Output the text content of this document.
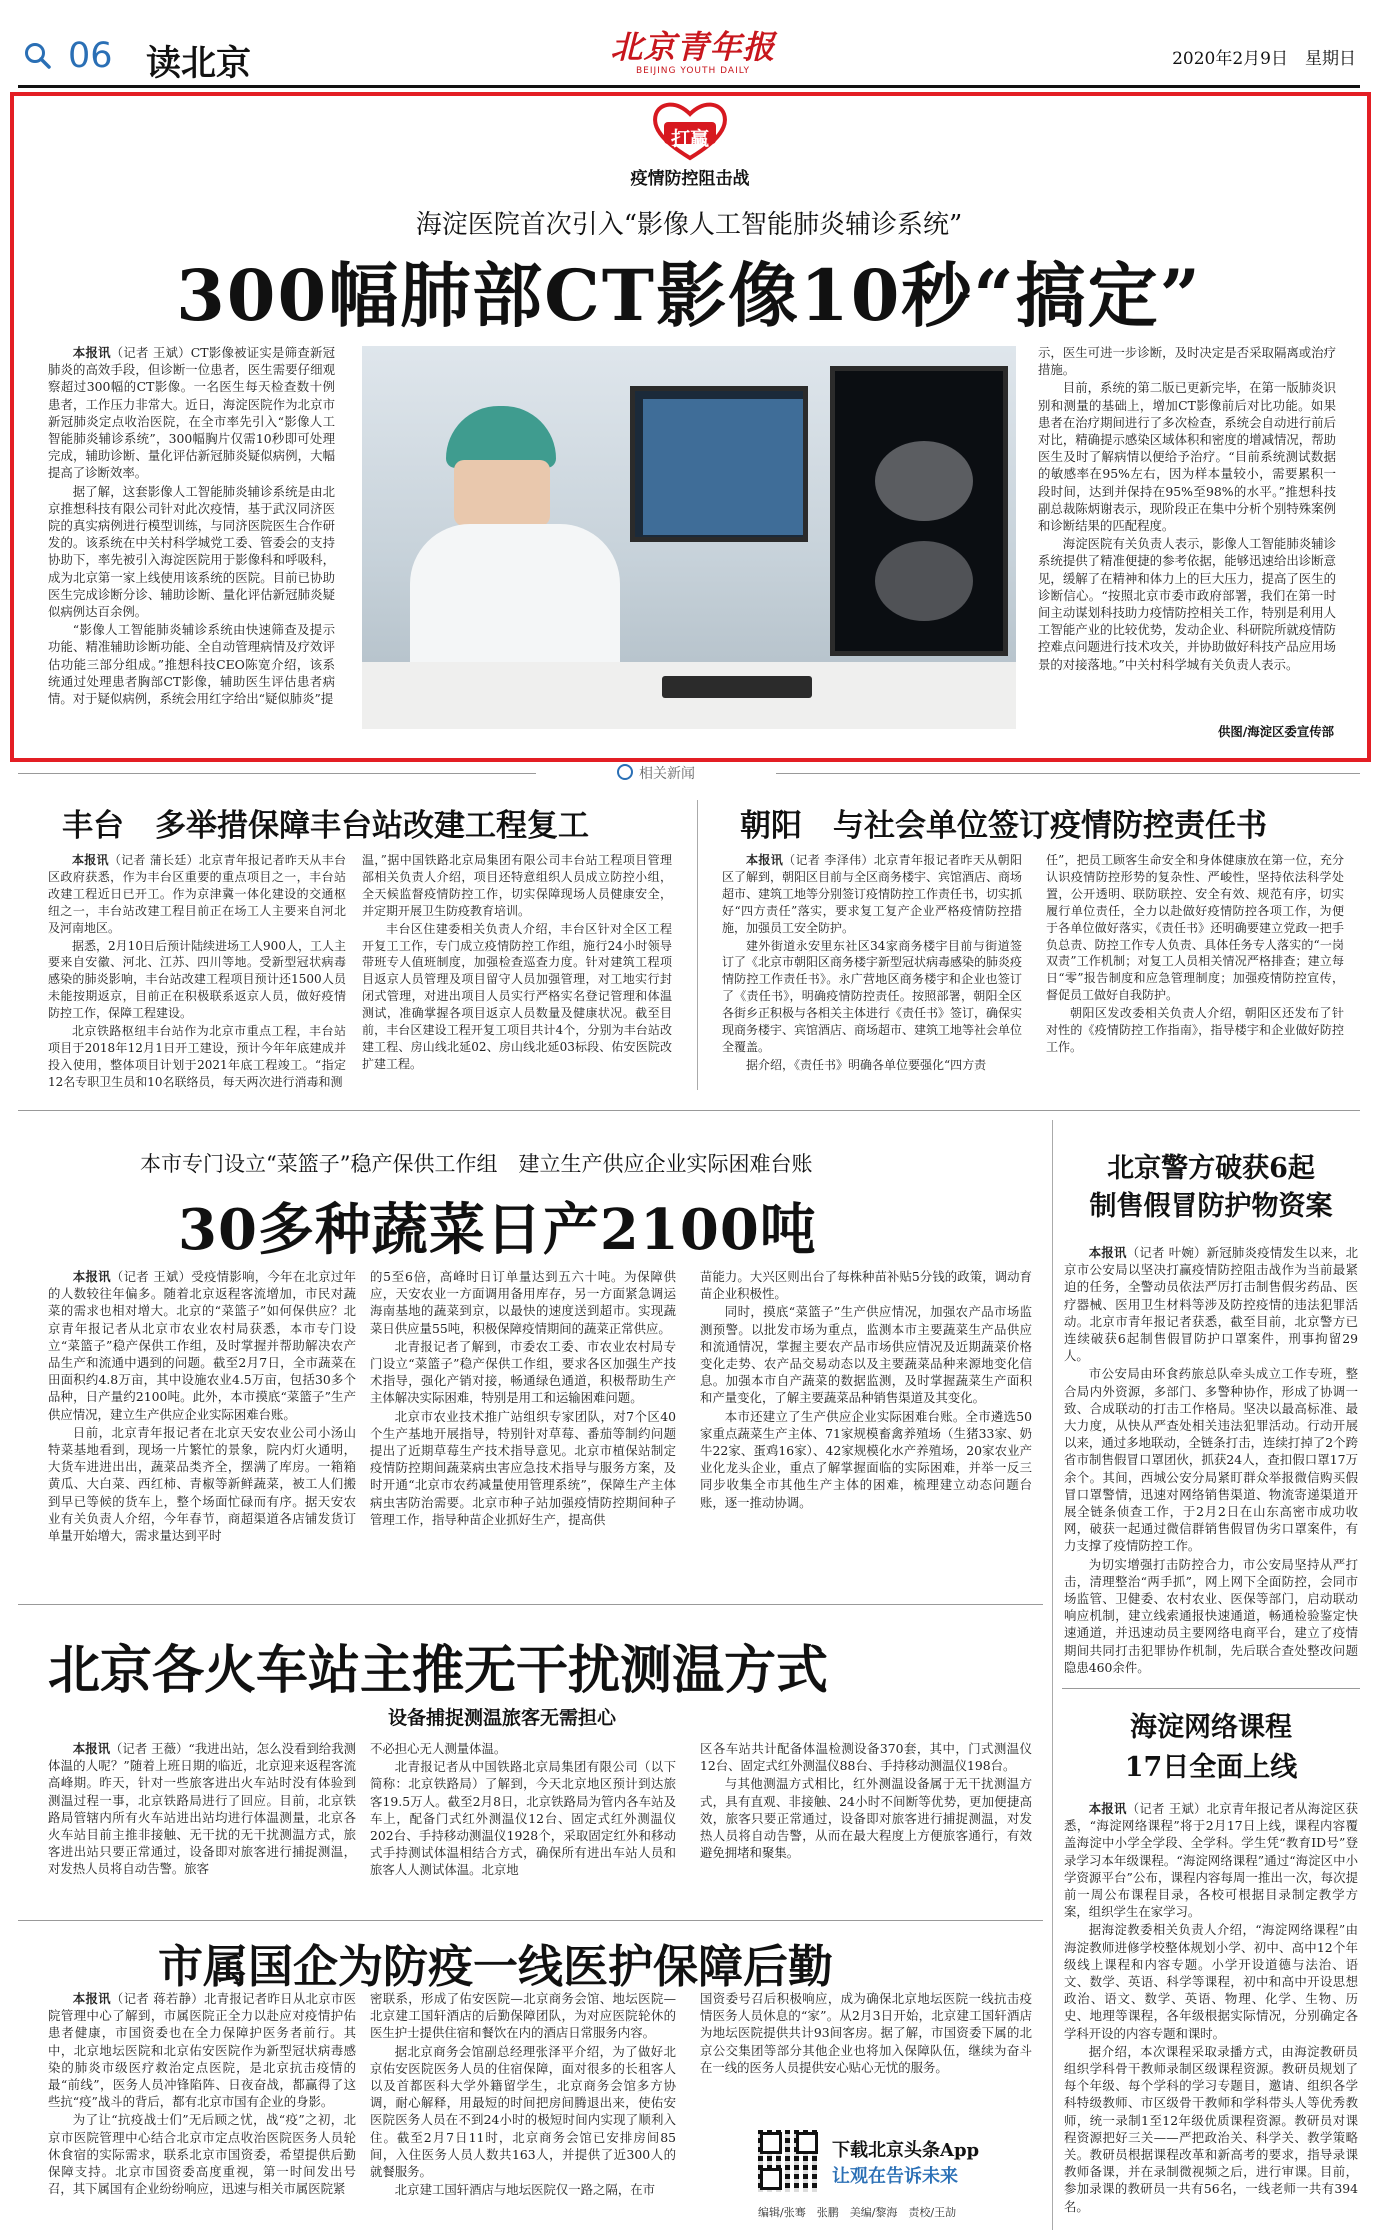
06 读北京	北京青年报
BEIJING YOUTH DAILY
2020年2月9日　 星期日
打赢
疫情防控阻击战
海淀医院首次引入“影像人工智能肺炎辅诊系统”
300幅肺部CT影像10秒“搞定”

本报讯（记者 王斌）CT影像被证实是筛查新冠肺炎的高效手段，但诊断一位患者，医生需要仔细观察超过300幅的CT影像。一名医生每天检查数十例患者，工作压力非常大。近日，海淀医院作为北京市新冠肺炎定点收治医院，在全市率先引入“影像人工智能肺炎辅诊系统”，300幅胸片仅需10秒即可处理完成，辅助诊断、量化评估新冠肺炎疑似病例，大幅提高了诊断效率。

据了解，这套影像人工智能肺炎辅诊系统是由北京推想科技有限公司针对此次疫情，基于武汉同济医院的真实病例进行模型训练，与同济医院医生合作研发的。该系统在中关村科学城党工委、管委会的支持协助下，率先被引入海淀医院用于影像科和呼吸科，成为北京第一家上线使用该系统的医院。目前已协助医生完成诊断分诊、辅助诊断、量化评估新冠肺炎疑似病例达百余例。

“影像人工智能肺炎辅诊系统由快速筛查及提示功能、精准辅助诊断功能、全自动管理病情及疗效评估功能三部分组成。”推想科技CEO陈宽介绍，该系统通过处理患者胸部CT影像，辅助医生评估患者病情。对于疑似病例，系统会用红字给出“疑似肺炎”提

示，医生可进一步诊断，及时决定是否采取隔离或治疗措施。

目前，系统的第二版已更新完毕，在第一版肺炎识别和测量的基础上，增加CT影像前后对比功能。如果患者在治疗期间进行了多次检查，系统会自动进行前后对比，精确提示感染区域体积和密度的增减情况，帮助医生及时了解病情以便给予治疗。“目前系统测试数据的敏感率在95%左右，因为样本量较小，需要累积一段时间，达到并保持在95%至98%的水平。”推想科技副总裁陈炳谢表示，现阶段正在集中分析个别特殊案例和诊断结果的匹配程度。

海淀医院有关负责人表示，影像人工智能肺炎辅诊系统提供了精准便捷的参考依据，能够迅速给出诊断意见，缓解了在精神和体力上的巨大压力，提高了医生的诊断信心。“按照北京市委市政府部署，我们在第一时间主动谋划科技助力疫情防控相关工作，特别是利用人工智能产业的比较优势，发动企业、科研院所就疫情防控难点问题进行技术攻关，并协助做好科技产品应用场景的对接落地。”中关村科学城有关负责人表示。

供图/海淀区委宣传部
相关新闻
丰台　 多举措保障丰台站改建工程复工

本报讯（记者 蒲长廷）北京青年报记者昨天从丰台区政府获悉，作为丰台区重要的重点项目之一，丰台站改建工程近日已开工。作为京津冀一体化建设的交通枢纽之一，丰台站改建工程目前正在场工人主要来自河北及河南地区。

据悉，2月10日后预计陆续进场工人900人，工人主要来自安徽、河北、江苏、四川等地。受新型冠状病毒感染的肺炎影响，丰台站改建工程项目预计还1500人员未能按期返京，目前正在积极联系返京人员，做好疫情防控工作，保障工程建设。

北京铁路枢纽丰台站作为北京市重点工程，丰台站项目于2018年12月1日开工建设，预计今年年底建成并投入使用，整体项目计划于2021年底工程竣工。“指定12名专职卫生员和10名联络员，每天两次进行消毒和测

温，”据中国铁路北京局集团有限公司丰台站工程项目管理部相关负责人介绍，项目还特意组织人员成立防控小组，全天候监督疫情防控工作，切实保障现场人员健康安全，并定期开展卫生防疫教育培训。

丰台区住建委相关负责人介绍，丰台区针对全区工程开复工工作，专门成立疫情防控工作组，施行24小时领导带班专人值班制度，加强检查巡查力度。针对建筑工程项目返京人员管理及项目留守人员加强管理，对工地实行封闭式管理，对进出项目人员实行严格实名登记管理和体温测试，准确掌握各项目返京人员数量及健康状况。截至目前，丰台区建设工程开复工项目共计4个，分别为丰台站改建工程、房山线北延02、房山线北延03标段、佑安医院改扩建工程。

朝阳　 与社会单位签订疫情防控责任书

本报讯（记者 李泽伟）北京青年报记者昨天从朝阳区了解到，朝阳区目前与全区商务楼宇、宾馆酒店、商场超市、建筑工地等分别签订疫情防控工作责任书，切实抓好“四方责任”落实，要求复工复产企业严格疫情防控措施，加强员工安全防护。

建外街道永安里东社区34家商务楼宇目前与街道签订了《北京市朝阳区商务楼宇新型冠状病毒感染的肺炎疫情防控工作责任书》。永广营地区商务楼宇和企业也签订了《责任书》，明确疫情防控责任。按照部署，朝阳全区各街乡正积极与各相关主体进行《责任书》签订，确保实现商务楼宇、宾馆酒店、商场超市、建筑工地等社会单位全覆盖。

据介绍，《责任书》明确各单位要强化“四方责

任”，把员工顾客生命安全和身体健康放在第一位，充分认识疫情防控形势的复杂性、严峻性，坚持依法科学处置，公开透明、联防联控、安全有效、规范有序，切实履行单位责任，全力以赴做好疫情防控各项工作，为便于各单位做好落实，《责任书》还明确要建立党政一把手负总责、防控工作专人负责、具体任务专人落实的“一岗双责”工作机制；对复工人员相关情况严格排查；建立每日“零”报告制度和应急管理制度；加强疫情防控宣传，督促员工做好自我防护。

朝阳区发改委相关负责人介绍，朝阳区还发布了针对性的《疫情防控工作指南》，指导楼宇和企业做好防控工作。

本市专门设立“菜篮子”稳产保供工作组　建立生产供应企业实际困难台账
30多种蔬菜日产2100吨

本报讯（记者 王斌）受疫情影响，今年在北京过年的人数较往年偏多。随着北京返程客流增加，市民对蔬菜的需求也相对增大。北京的“菜篮子”如何保供应？北京青年报记者从北京市农业农村局获悉，本市专门设立“菜篮子”稳产保供工作组，及时掌握并帮助解决农产品生产和流通中遇到的问题。截至2月7日，全市蔬菜在田面积约4.8万亩，其中设施农业4.5万亩，包括30多个品种，日产量约2100吨。此外，本市摸底“菜篮子”生产供应情况，建立生产供应企业实际困难台账。

日前，北京青年报记者在北京天安农业公司小汤山特菜基地看到，现场一片繁忙的景象，院内灯火通明，大货车进进出出，蔬菜品类齐全，摆满了库房。一箱箱黄瓜、大白菜、西红柿、青椒等新鲜蔬菜，被工人们搬到早已等候的货车上，整个场面忙碌而有序。据天安农业有关负责人介绍，今年春节，商超渠道各店铺发货订单量开始增大，需求量达到平时

的5至6倍，高峰时日订单量达到五六十吨。为保障供应，天安农业一方面调用备用库存，另一方面紧急调运海南基地的蔬菜到京，以最快的速度送到超市。实现蔬菜日供应量55吨，积极保障疫情期间的蔬菜正常供应。

北青报记者了解到，市委农工委、市农业农村局专门设立“菜篮子”稳产保供工作组，要求各区加强生产技术指导，强化产销对接，畅通绿色通道，积极帮助生产主体解决实际困难，特别是用工和运输困难问题。

北京市农业技术推广站组织专家团队，对7个区40个生产基地开展指导，特别针对草莓、番茄等制约问题提出了近期草莓生产技术指导意见。北京市植保站制定疫情防控期间蔬菜病虫害应急技术指导与服务方案，及时开通“北京市农药减量使用管理系统”，保障生产主体病虫害防治需要。北京市种子站加强疫情防控期间种子管理工作，指导种苗企业抓好生产，提高供

苗能力。大兴区则出台了每株种苗补贴5分钱的政策，调动育苗企业积极性。

同时，摸底“菜篮子”生产供应情况，加强农产品市场监测预警。以批发市场为重点，监测本市主要蔬菜生产品供应和流通情况，掌握主要农产品市场供应情况及近期蔬菜价格变化走势、农产品交易动态以及主要蔬菜品种来源地变化信息。加强本市自产蔬菜的数据监测，及时掌握蔬菜生产面积和产量变化，了解主要蔬菜品种销售渠道及其变化。

本市还建立了生产供应企业实际困难台账。全市遴选50家重点蔬菜生产主体、71家规模畜禽养殖场（生猪33家、奶牛22家、蛋鸡16家）、42家规模化水产养殖场，20家农业产业化龙头企业，重点了解掌握面临的实际困难，并举一反三同步收集全市其他生产主体的困难，梳理建立动态问题台账，逐一推动协调。

北京警方破获6起
制售假冒防护物资案

本报讯（记者 叶婉）新冠肺炎疫情发生以来，北京市公安局以坚决打赢疫情防控阻击战作为当前最紧迫的任务，全警动员依法严厉打击制售假劣药品、医疗器械、医用卫生材料等涉及防控疫情的违法犯罪活动。北京市青年报记者获悉，截至目前，北京警方已连续破获6起制售假冒防护口罩案件，刑事拘留29人。

市公安局由环食药旅总队牵头成立工作专班，整合局内外资源，多部门、多警种协作，形成了协调一致、合成联动的打击工作格局。坚决以最高标准、最大力度，从快从严查处相关违法犯罪活动。行动开展以来，通过多地联动，全链条打击，连续打掉了2个跨省市制售假冒口罩团伙，抓获24人，查扣假口罩17万余个。其间，西城公安分局紧盯群众举报微信购买假冒口罩警情，迅速对网络销售渠道、物流寄递渠道开展全链条侦查工作，于2月2日在山东高密市成功收网，破获一起通过微信群销售假冒伪劣口罩案件，有力支撑了疫情防控工作。

为切实增强打击防控合力，市公安局坚持从严打击，清理整治“两手抓”，网上网下全面防控，会同市场监管、卫健委、农村农业、医保等部门，启动联动响应机制，建立线索通报快速通道，畅通检验鉴定快速通道，并迅速动员主要网络电商平台，建立了疫情期间共同打击犯罪协作机制，先后联合查处整改问题隐患460余件。

北京各火车站主推无干扰测温方式
设备捕捉测温旅客无需担心

本报讯（记者 王薇）“我进出站，怎么没看到给我测体温的人呢？”随着上班日期的临近，北京迎来返程客流高峰期。昨天，针对一些旅客进出火车站时没有体验到测温过程一事，北京铁路局进行了回应。目前，北京铁路局管辖内所有火车站进出站均进行体温测量，北京各火车站目前主推非接触、无干扰的无干扰测温方式，旅客进出站只要正常通过，设备即对旅客进行捕捉测温，对发热人员将自动告警。旅客

不必担心无人测量体温。

北青报记者从中国铁路北京局集团有限公司（以下简称：北京铁路局）了解到，今天北京地区预计到达旅客19.5万人。截至2月8日，北京铁路局为管内各车站及车上，配备门式红外测温仪12台、固定式红外测温仪202台、手持移动测温仪1928个，采取固定红外和移动式手持测试体温相结合方式，确保所有进出车站人员和旅客人人测试体温。北京地

区各车站共计配备体温检测设备370套，其中，门式测温仪12台、固定式红外测温仪88台、手持移动测温仪198台。

与其他测温方式相比，红外测温设备属于无干扰测温方式，具有直观、非接触、24小时不间断等优势，更加便捷高效，旅客只要正常通过，设备即对旅客进行捕捉测温，对发热人员将自动告警，从而在最大程度上方便旅客通行，有效避免拥堵和聚集。

海淀网络课程
17日全面上线

本报讯（记者 王斌）北京青年报记者从海淀区获悉，“海淀网络课程”将于2月17日上线，课程内容覆盖海淀中小学全学段、全学科。学生凭“教育ID号”登录学习本年级课程。“海淀网络课程”通过“海淀区中小学资源平台”公布，课程内容每周一推出一次，每次提前一周公布课程目录，各校可根据目录制定教学方案，组织学生在家学习。

据海淀教委相关负责人介绍，“海淀网络课程”由海淀教师进修学校整体规划小学、初中、高中12个年级线上课程和内容专题。小学开设道德与法治、语文、数学、英语、科学等课程，初中和高中开设思想政治、语文、数学、英语、物理、化学、生物、历史、地理等课程，各年级根据实际情况，分别确定各学科开设的内容专题和课时。

据介绍，本次课程采取录播方式，由海淀教研员组织学科骨干教师录制区级课程资源。教研员规划了每个年级、每个学科的学习专题目，邀请、组织各学科特级教师、市区级骨干教师和学科带头人等优秀教师，统一录制1至12年级优质课程资源。教研员对课程资源把好三关——严把政治关、科学关、教学策略关。教研员根据课程改革和新高考的要求，指导录课教师备课，并在录制微视频之后，进行审课。目前，参加录课的教研员一共有56名，一线老师一共有394名。

市属国企为防疫一线医护保障后勤

本报讯（记者 蒋若静）北青报记者昨日从北京市医院管理中心了解到，市属医院正全力以赴应对疫情护佑患者健康，市国资委也在全力保障护医务者前行。其中，北京地坛医院和北京佑安医院作为新型冠状病毒感染的肺炎市级医疗救治定点医院，是北京抗击疫情的最“前线”，医务人员冲锋陷阵、日夜奋战，都赢得了这些抗“疫”战斗的背后，都有北京市国有企业的身影。

为了让“抗疫战士们”无后顾之忧，战“疫”之初，北京市医院管理中心结合北京市定点收治医院医务人员轮休食宿的实际需求，联系北京市国资委，希望提供后勤保障支持。北京市国资委高度重视，第一时间发出号召，其下属国有企业纷纷响应，迅速与相关市属医院紧

密联系，形成了佑安医院—北京商务会馆、地坛医院—北京建工国轩酒店的后勤保障团队，为对应医院轮休的医生护士提供住宿和餐饮在内的酒店日常服务内容。

据北京商务会馆副总经理张泽平介绍，为了做好北京佑安医院医务人员的住宿保障，面对很多的长租客人以及首都医科大学外籍留学生，北京商务会馆多方协调，耐心解释，用最短的时间把房间腾退出来，使佑安医院医务人员在不到24小时的极短时间内实现了顺利入住。截至2月7日11时，北京商务会馆已安排房间85间，入住医务人员人数共163人，并提供了近300人的就餐服务。

北京建工国轩酒店与地坛医院仅一路之隔，在市

国资委号召后积极响应，成为确保北京地坛医院一线抗击疫情医务人员休息的“家”。从2月3日开始，北京建工国轩酒店为地坛医院提供共计93间客房。据了解，市国资委下属的北京公交集团等部分其他企业也将加入保障队伍，继续为奋斗在一线的医务人员提供安心贴心无忧的服务。

下载北京头条App
让观在告诉未来
编辑/张骞　张鹏　美编/黎海　责校/王劼
